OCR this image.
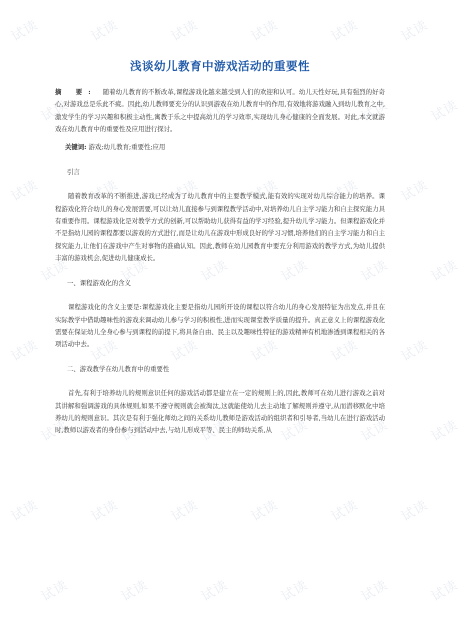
试读	试读	试读	试读	试读	试读
试读	试读	试读	试读	试读	试读
试读	试读	试读	试读	试读	试读
试读	试读	试读	试读	试读	试读
试读	试读	试读	试读	试读	试读
试读	试读	试读	试读	试读	试读
试读	试读	试读	试读	试读	试读
试读	试读	试读	试读	试读	试读
浅谈幼儿教育中游戏活动的重要性

摘 要: 随着幼儿教育的不断改革,课程游戏化越来越受到人们的欢迎和认可。幼儿天性好玩,具有强烈的好奇心,对游戏总是乐此不疲。因此,幼儿教师要充分的认识到游戏在幼儿教育中的作用,有效地将游戏融入到幼儿教育之中,激发学生的学习兴趣和积极主动性,寓教于乐之中提高幼儿的学习效率,实现幼儿身心健康的全面发展。对此,本文就游戏在幼儿教育中的重要性及应用进行探讨。

关键词: 游戏;幼儿教育;重要性;应用
引言

随着教育改革的不断推进,游戏已经成为了幼儿教育中的主要教学模式,能有效的实现对幼儿综合能力的培养。课程游戏化符合幼儿的身心发展需要,可以让幼儿直接参与到课程教学活动中,对培养幼儿自主学习能力和自主探究能力具有重要作用。课程游戏化是对教学方式的创新,可以帮助幼儿获得有益的学习经验,提升幼儿学习能力。但课程游戏化并不是指幼儿园的课程都要以游戏的方式进行,而是让幼儿在游戏中形成良好的学习习惯,培养他们的自主学习能力和自主探究能力,让他们在游戏中产生对事物的准确认知。因此,教师在幼儿园教育中要充分利用游戏的教学方式,为幼儿提供丰富的游戏机会,促进幼儿健康成长。

一、课程游戏化的含义

课程游戏化的含义主要是:课程游戏化主要是指幼儿园所开设的课程以符合幼儿的身心发展特征为出发点,并且在实际教学中借助趣味性的游戏来调动幼儿参与学习的积极性,进而实现课堂教学质量的提升。真正意义上的课程游戏化需要在保证幼儿全身心参与到课程的前提下,将具备自由、民主以及趣味性特征的游戏精神有机地渗透到课程相关的各项活动中去。

二、游戏教学在幼儿教育中的重要性

首先,有利于培养幼儿的规则意识任何的游戏活动都是建立在一定的规则上的,因此,教师可在幼儿进行游戏之前对其讲解和强调游戏的具体规则,如果不遵守规则就会被淘汰,这就能使幼儿去主动地了解规则并遵守,从而潜移默化中培养幼儿的规则意识。其次是有利于强化师幼之间的关系幼儿教师是游戏活动的组织者和引导者,当幼儿在进行游戏活动时,教师以游戏者的身份参与到活动中去,与幼儿形成平等、民主的师幼关系,从
